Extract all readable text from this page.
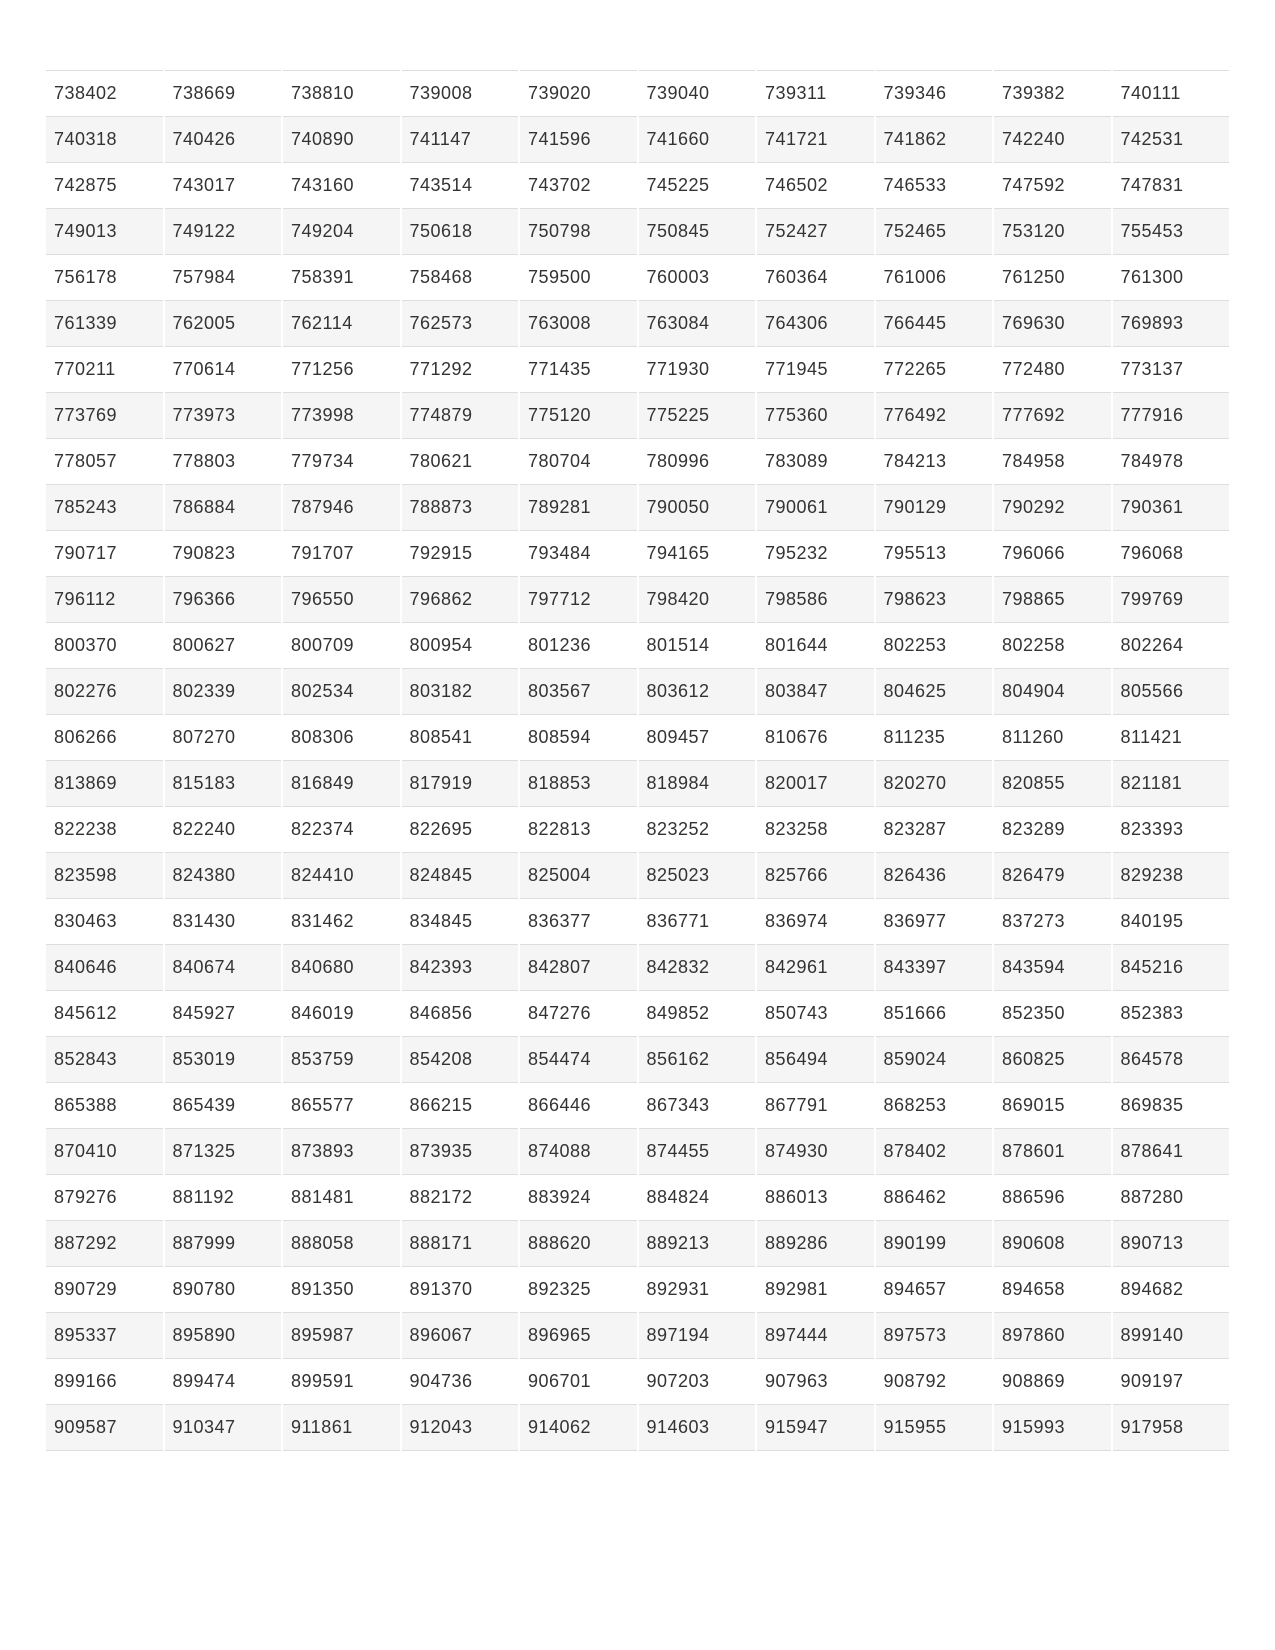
738402	738669	738810	739008	739020	739040	739311	739346	739382	740111
740318	740426	740890	741147	741596	741660	741721	741862	742240	742531
742875	743017	743160	743514	743702	745225	746502	746533	747592	747831
749013	749122	749204	750618	750798	750845	752427	752465	753120	755453
756178	757984	758391	758468	759500	760003	760364	761006	761250	761300
761339	762005	762114	762573	763008	763084	764306	766445	769630	769893
770211	770614	771256	771292	771435	771930	771945	772265	772480	773137
773769	773973	773998	774879	775120	775225	775360	776492	777692	777916
778057	778803	779734	780621	780704	780996	783089	784213	784958	784978
785243	786884	787946	788873	789281	790050	790061	790129	790292	790361
790717	790823	791707	792915	793484	794165	795232	795513	796066	796068
796112	796366	796550	796862	797712	798420	798586	798623	798865	799769
800370	800627	800709	800954	801236	801514	801644	802253	802258	802264
802276	802339	802534	803182	803567	803612	803847	804625	804904	805566
806266	807270	808306	808541	808594	809457	810676	811235	811260	811421
813869	815183	816849	817919	818853	818984	820017	820270	820855	821181
822238	822240	822374	822695	822813	823252	823258	823287	823289	823393
823598	824380	824410	824845	825004	825023	825766	826436	826479	829238
830463	831430	831462	834845	836377	836771	836974	836977	837273	840195
840646	840674	840680	842393	842807	842832	842961	843397	843594	845216
845612	845927	846019	846856	847276	849852	850743	851666	852350	852383
852843	853019	853759	854208	854474	856162	856494	859024	860825	864578
865388	865439	865577	866215	866446	867343	867791	868253	869015	869835
870410	871325	873893	873935	874088	874455	874930	878402	878601	878641
879276	881192	881481	882172	883924	884824	886013	886462	886596	887280
887292	887999	888058	888171	888620	889213	889286	890199	890608	890713
890729	890780	891350	891370	892325	892931	892981	894657	894658	894682
895337	895890	895987	896067	896965	897194	897444	897573	897860	899140
899166	899474	899591	904736	906701	907203	907963	908792	908869	909197
909587	910347	911861	912043	914062	914603	915947	915955	915993	917958
